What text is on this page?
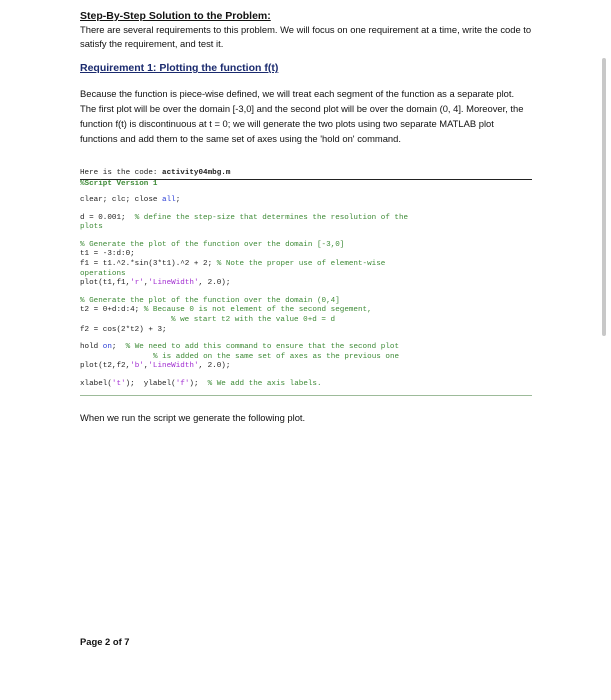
Step-By-Step Solution to the Problem:

There are several requirements to this problem. We will focus on one requirement at a time, write the code to satisfy the requirement, and test it.

Requirement 1: Plotting the function f(t)

Because the function is piece-wise defined, we will treat each segment of the function as a separate plot. The first plot will be over the domain [-3,0] and the second plot will be over the domain (0, 4]. Moreover, the function f(t) is discontinuous at t = 0; we will generate the two plots using two separate MATLAB plot functions and add them to the same set of axes using the 'hold on' command.

Here is the code: activity04mbg.m

%Script Version 1
clear; clc; close all;
d = 0.001;  % define the step-size that determines the resolution of the
plots
% Generate the plot of the function over the domain [-3,0]
t1 = -3:d:0;
f1 = t1.^2.*sin(3*t1).^2 + 2; % Note the proper use of element-wise
operations
plot(t1,f1,'r','LineWidth', 2.0);
% Generate the plot of the function over the domain (0,4]
t2 = 0+d:d:4; % Because 0 is not element of the second segement,
% we start t2 with the value 0+d = d
f2 = cos(2*t2) + 3;
hold on;  % We need to add this command to ensure that the second plot
% is added on the same set of axes as the previous one
plot(t2,f2,'b','LineWidth', 2.0);
xlabel('t');  ylabel('f');  % We add the axis labels.

When we run the script we generate the following plot.

Page 2 of 7
